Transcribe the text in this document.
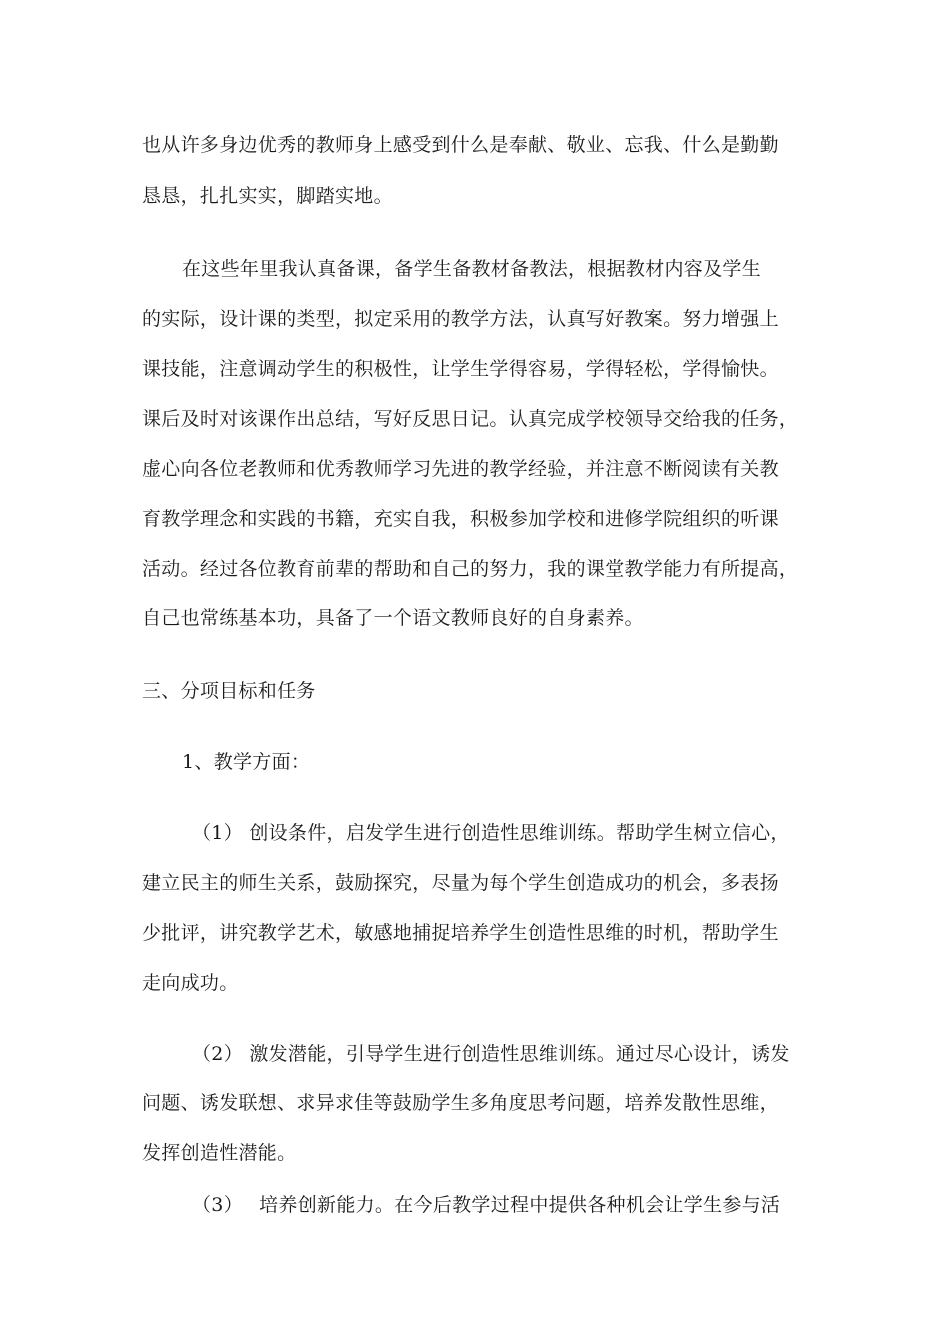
也从许多身边优秀的教师身上感受到什么是奉献、敬业、忘我、什么是勤勤
恳恳，扎扎实实，脚踏实地。
在这些年里我认真备课，备学生备教材备教法，根据教材内容及学生
的实际，设计课的类型，拟定采用的教学方法，认真写好教案。努力增强上
课技能，注意调动学生的积极性，让学生学得容易，学得轻松，学得愉快。
课后及时对该课作出总结，写好反思日记。认真完成学校领导交给我的任务，
虚心向各位老教师和优秀教师学习先进的教学经验，并注意不断阅读有关教
育教学理念和实践的书籍，充实自我，积极参加学校和进修学院组织的听课
活动。经过各位教育前辈的帮助和自己的努力，我的课堂教学能力有所提高，
自己也常练基本功，具备了一个语文教师良好的自身素养。
三、分项目标和任务
1、教学方面：
（1） 创设条件，启发学生进行创造性思维训练。帮助学生树立信心，
建立民主的师生关系，鼓励探究，尽量为每个学生创造成功的机会，多表扬
少批评，讲究教学艺术，敏感地捕捉培养学生创造性思维的时机，帮助学生
走向成功。
（2） 激发潜能，引导学生进行创造性思维训练。通过尽心设计，诱发
问题、诱发联想、求异求佳等鼓励学生多角度思考问题，培养发散性思维，
发挥创造性潜能。
（3）　 培养创新能力。在今后教学过程中提供各种机会让学生参与活
